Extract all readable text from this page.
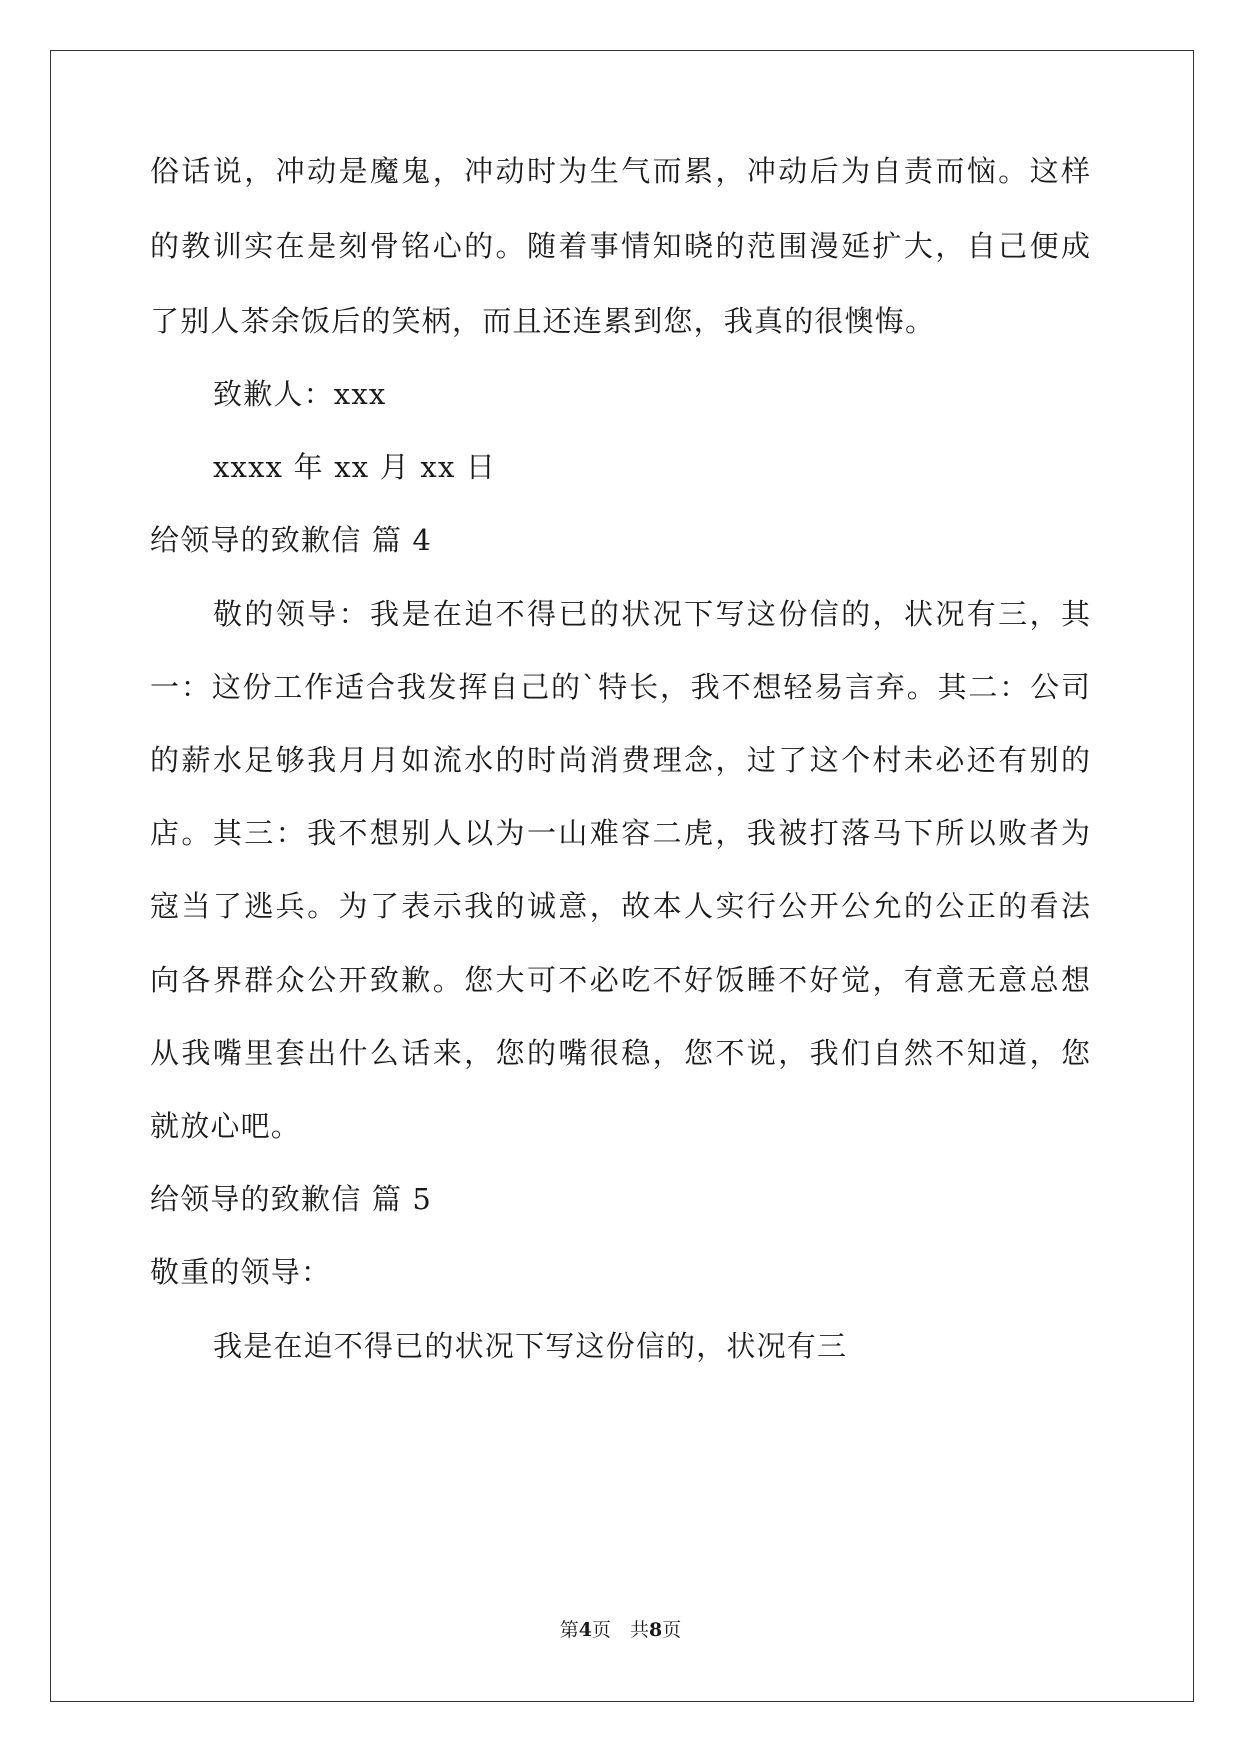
俗话说，冲动是魔鬼，冲动时为生气而累，冲动后为自责而恼。这样
的教训实在是刻骨铭心的。随着事情知晓的范围漫延扩大，自己便成
了别人茶余饭后的笑柄，而且还连累到您，我真的很懊悔。
致歉人：xxx
xxxx 年 xx 月 xx 日
给领导的致歉信 篇 4
敬的领导：我是在迫不得已的状况下写这份信的，状况有三，其
一：这份工作适合我发挥自己的`特长，我不想轻易言弃。其二：公司
的薪水足够我月月如流水的时尚消费理念，过了这个村未必还有别的
店。其三：我不想别人以为一山难容二虎，我被打落马下所以败者为
寇当了逃兵。为了表示我的诚意，故本人实行公开公允的公正的看法
向各界群众公开致歉。您大可不必吃不好饭睡不好觉，有意无意总想
从我嘴里套出什么话来，您的嘴很稳，您不说，我们自然不知道，您
就放心吧。
给领导的致歉信 篇 5
敬重的领导：
我是在迫不得已的状况下写这份信的，状况有三
第4页　共8页
